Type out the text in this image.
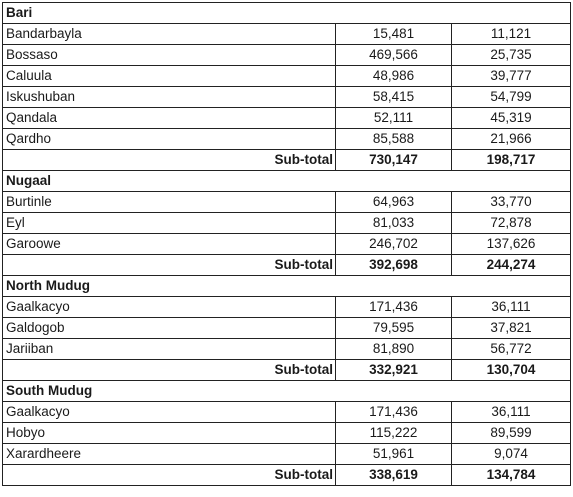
Bari		
Bandarbayla	15,481	11,121
Bossaso	469,566	25,735
Caluula	48,986	39,777
Iskushuban	58,415	54,799
Qandala	52,111	45,319
Qardho	85,588	21,966
Sub-total	730,147	198,717
Nugaal		
Burtinle	64,963	33,770
Eyl	81,033	72,878
Garoowe	246,702	137,626
Sub-total	392,698	244,274
North Mudug		
Gaalkacyo	171,436	36,111
Galdogob	79,595	37,821
Jariiban	81,890	56,772
Sub-total	332,921	130,704
South Mudug		
Gaalkacyo	171,436	36,111
Hobyo	115,222	89,599
Xarardheere	51,961	9,074
Sub-total	338,619	134,784
